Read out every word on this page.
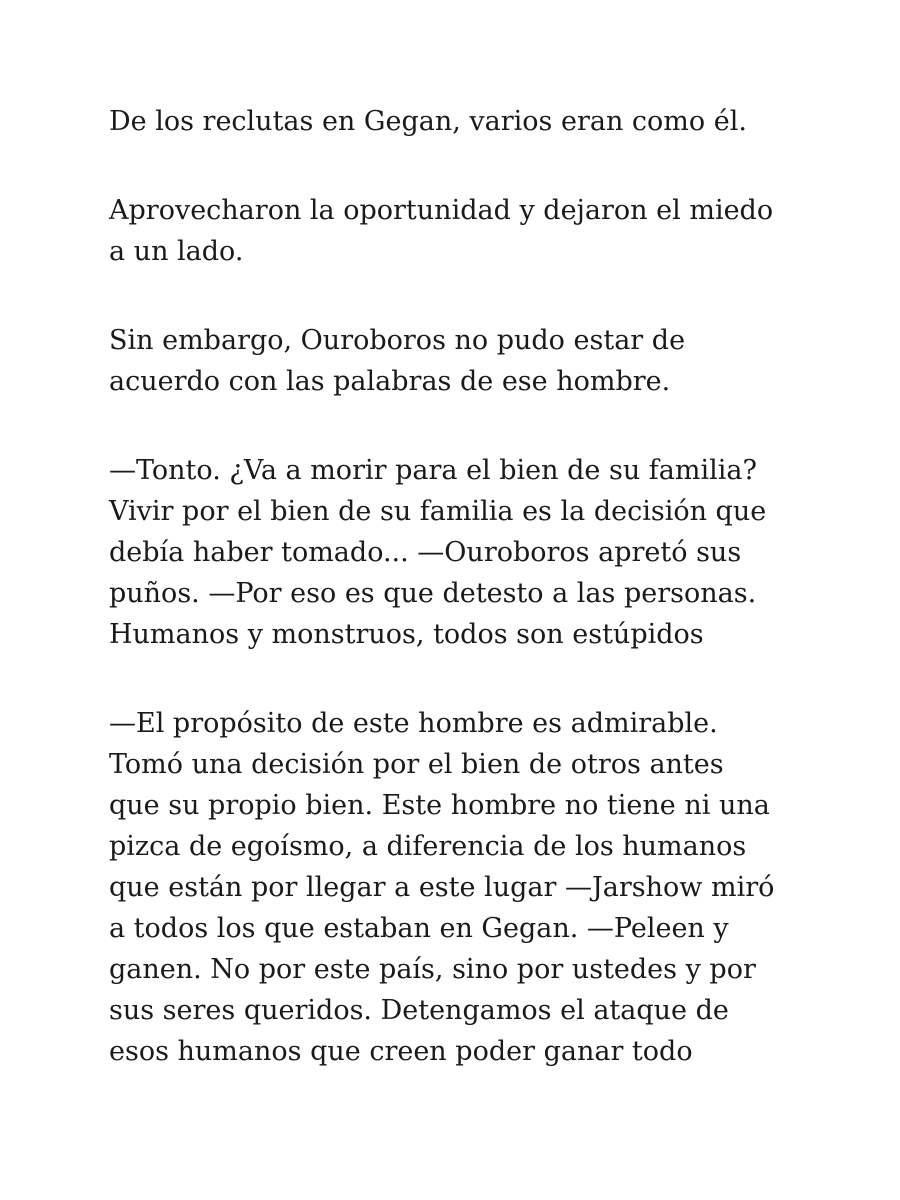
De los reclutas en Gegan, varios eran como él.

Aprovecharon la oportunidad y dejaron el miedo
a un lado.

Sin embargo, Ouroboros no pudo estar de
acuerdo con las palabras de ese hombre.

—Tonto. ¿Va a morir para el bien de su familia?
Vivir por el bien de su familia es la decisión que
debía haber tomado... —Ouroboros apretó sus
puños. —Por eso es que detesto a las personas.
Humanos y monstruos, todos son estúpidos

—El propósito de este hombre es admirable.
Tomó una decisión por el bien de otros antes
que su propio bien. Este hombre no tiene ni una
pizca de egoísmo, a diferencia de los humanos
que están por llegar a este lugar —Jarshow miró
a todos los que estaban en Gegan. —Peleen y
ganen. No por este país, sino por ustedes y por
sus seres queridos. Detengamos el ataque de
esos humanos que creen poder ganar todo
